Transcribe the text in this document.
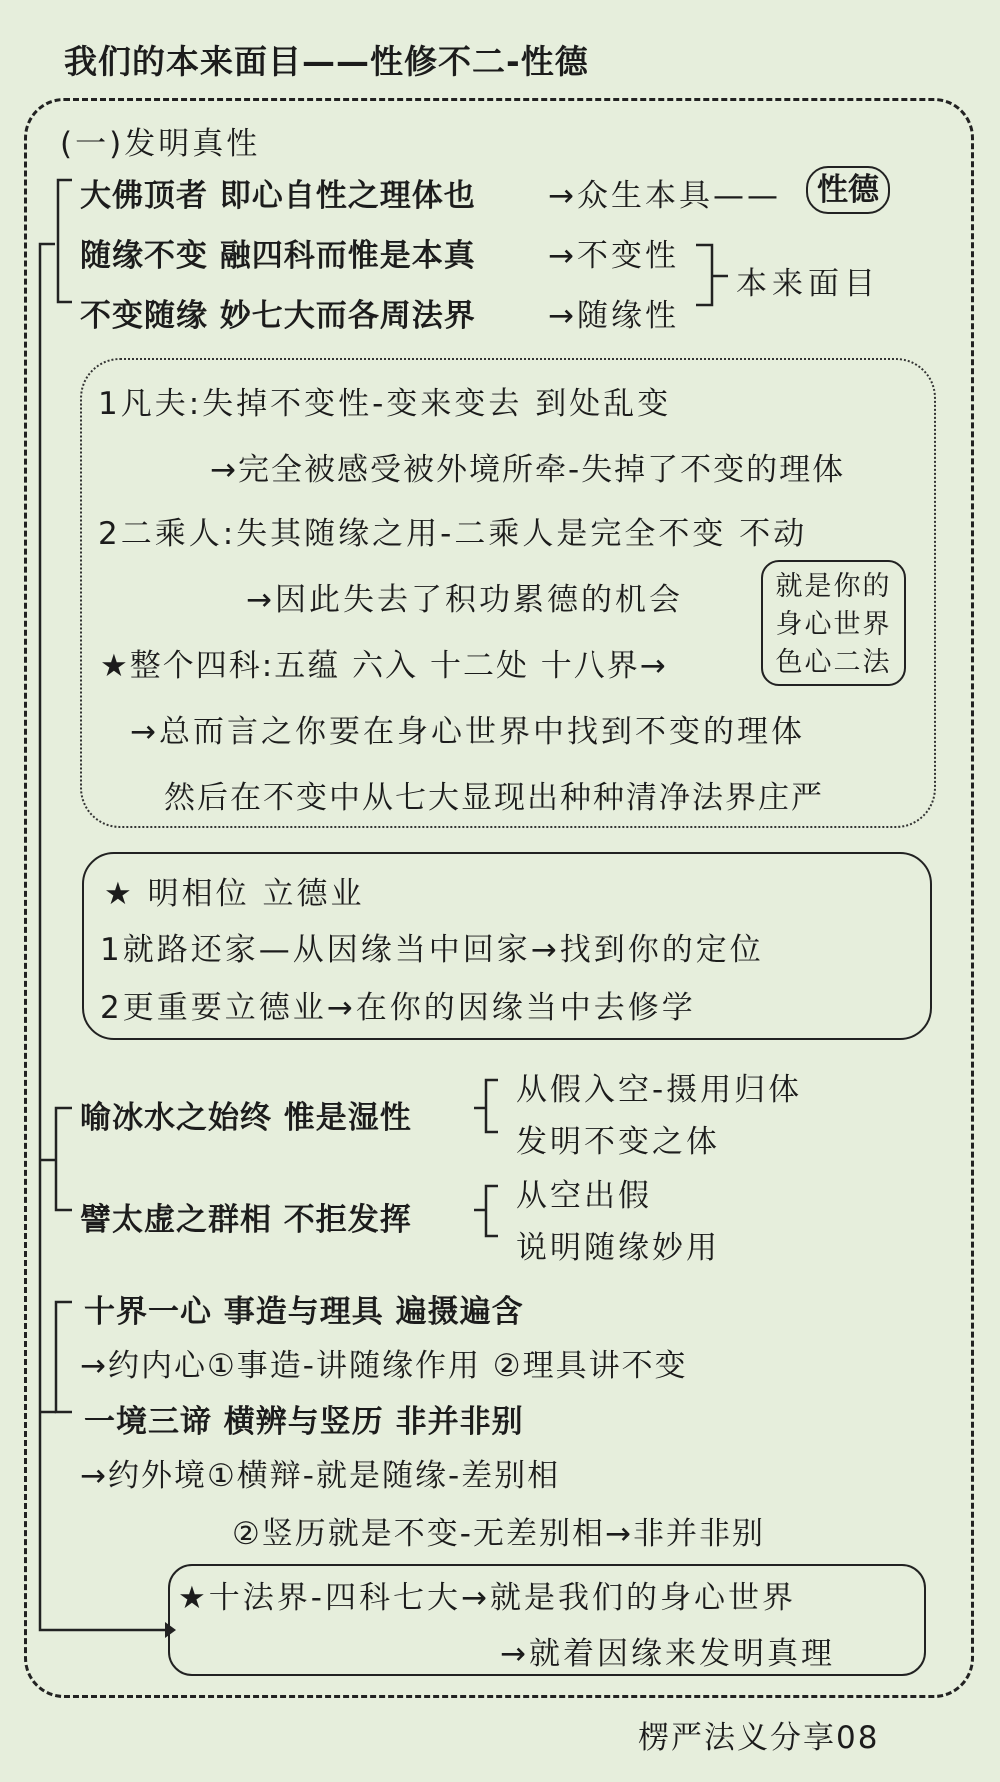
我们的本来面目——性修不二-性德
(一)发明真性
大佛顶者 即心自性之理体也 →众生本具——	性德
随缘不变 融四科而惟是本真 →不变性
不变随缘 妙七大而各周法界 →随缘性
本来面目
1凡夫:失掉不变性-变来变去 到处乱变
→完全被感受被外境所牵-失掉了不变的理体
2二乘人:失其随缘之用-二乘人是完全不变 不动
→因此失去了积功累德的机会
★整个四科:五蕴 六入 十二处 十八界→
就是你的
身心世界
色心二法
→总而言之你要在身心世界中找到不变的理体
然后在不变中从七大显现出种种清净法界庄严
★ 明相位 立德业
1就路还家—从因缘当中回家→找到你的定位
2更重要立德业→在你的因缘当中去修学
喻冰水之始终 惟是湿性
从假入空-摄用归体
发明不变之体
譬太虚之群相 不拒发挥
从空出假
说明随缘妙用
十界一心 事造与理具 遍摄遍含
→约内心①事造-讲随缘作用 ②理具讲不变
一境三谛 横辨与竖历 非并非别
→约外境①横辩-就是随缘-差别相
②竖历就是不变-无差别相→非并非别
★十法界-四科七大→就是我们的身心世界
→就着因缘来发明真理
楞严法义分享08
